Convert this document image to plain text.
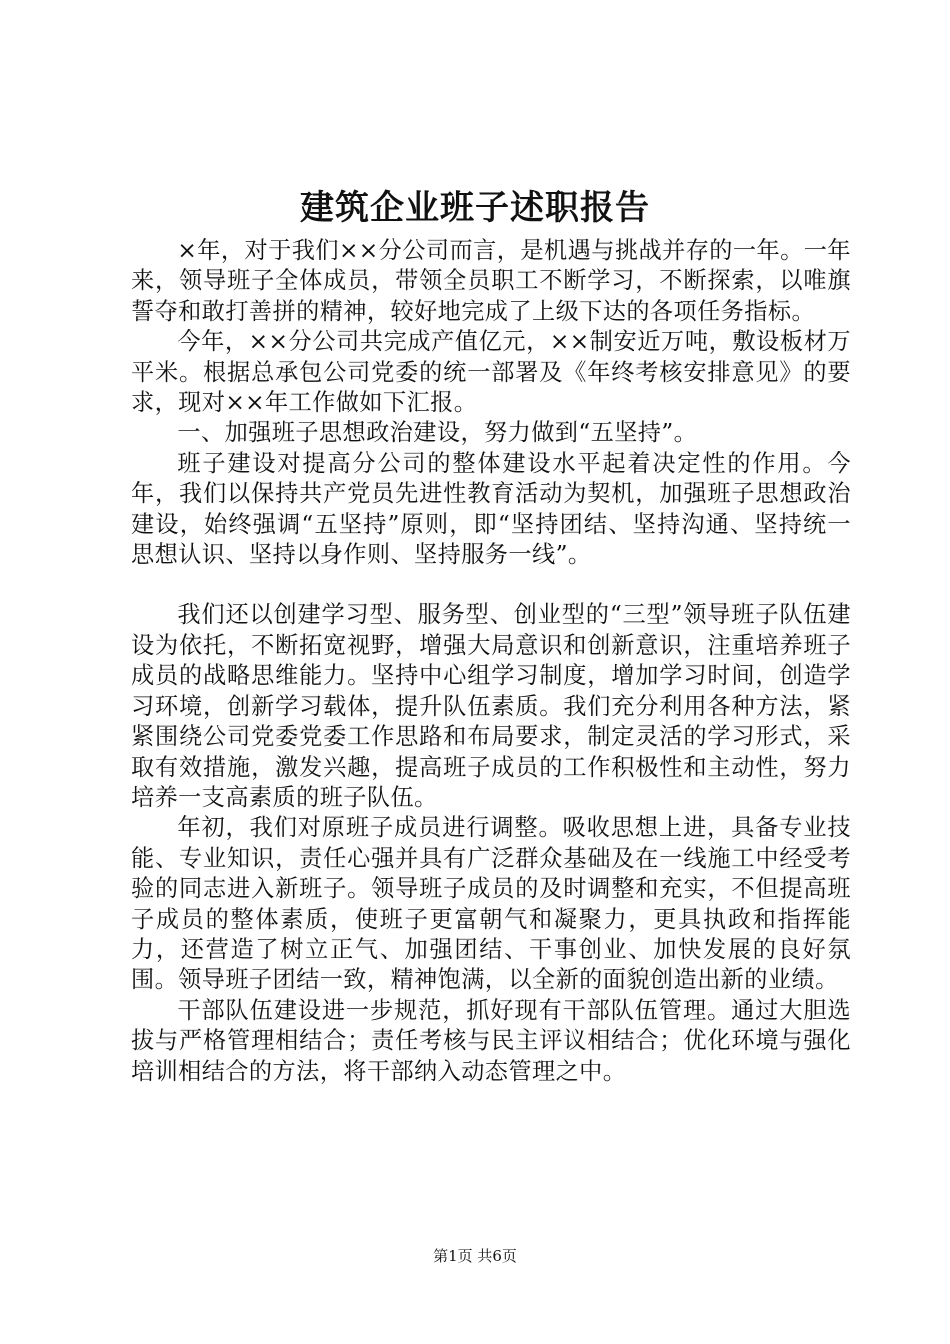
建筑企业班子述职报告

×年，对于我们××分公司而言，是机遇与挑战并存的一年。一年来，领导班子全体成员，带领全员职工不断学习，不断探索，以唯旗誓夺和敢打善拼的精神，较好地完成了上级下达的各项任务指标。

今年，××分公司共完成产值亿元，××制安近万吨，敷设板材万平米。根据总承包公司党委的统一部署及《年终考核安排意见》的要求，现对××年工作做如下汇报。

一、加强班子思想政治建设，努力做到“五坚持”。

班子建设对提高分公司的整体建设水平起着决定性的作用。今年，我们以保持共产党员先进性教育活动为契机，加强班子思想政治建设，始终强调“五坚持”原则，即“坚持团结、坚持沟通、坚持统一思想认识、坚持以身作则、坚持服务一线”。

我们还以创建学习型、服务型、创业型的“三型”领导班子队伍建设为依托，不断拓宽视野，增强大局意识和创新意识，注重培养班子成员的战略思维能力。坚持中心组学习制度，增加学习时间，创造学习环境，创新学习载体，提升队伍素质。我们充分利用各种方法，紧紧围绕公司党委党委工作思路和布局要求，制定灵活的学习形式，采取有效措施，激发兴趣，提高班子成员的工作积极性和主动性，努力培养一支高素质的班子队伍。

年初，我们对原班子成员进行调整。吸收思想上进，具备专业技能、专业知识，责任心强并具有广泛群众基础及在一线施工中经受考验的同志进入新班子。领导班子成员的及时调整和充实，不但提高班子成员的整体素质，使班子更富朝气和凝聚力，更具执政和指挥能力，还营造了树立正气、加强团结、干事创业、加快发展的良好氛围。领导班子团结一致，精神饱满，以全新的面貌创造出新的业绩。

干部队伍建设进一步规范，抓好现有干部队伍管理。通过大胆选拔与严格管理相结合；责任考核与民主评议相结合；优化环境与强化培训相结合的方法，将干部纳入动态管理之中。

第1页 共6页
